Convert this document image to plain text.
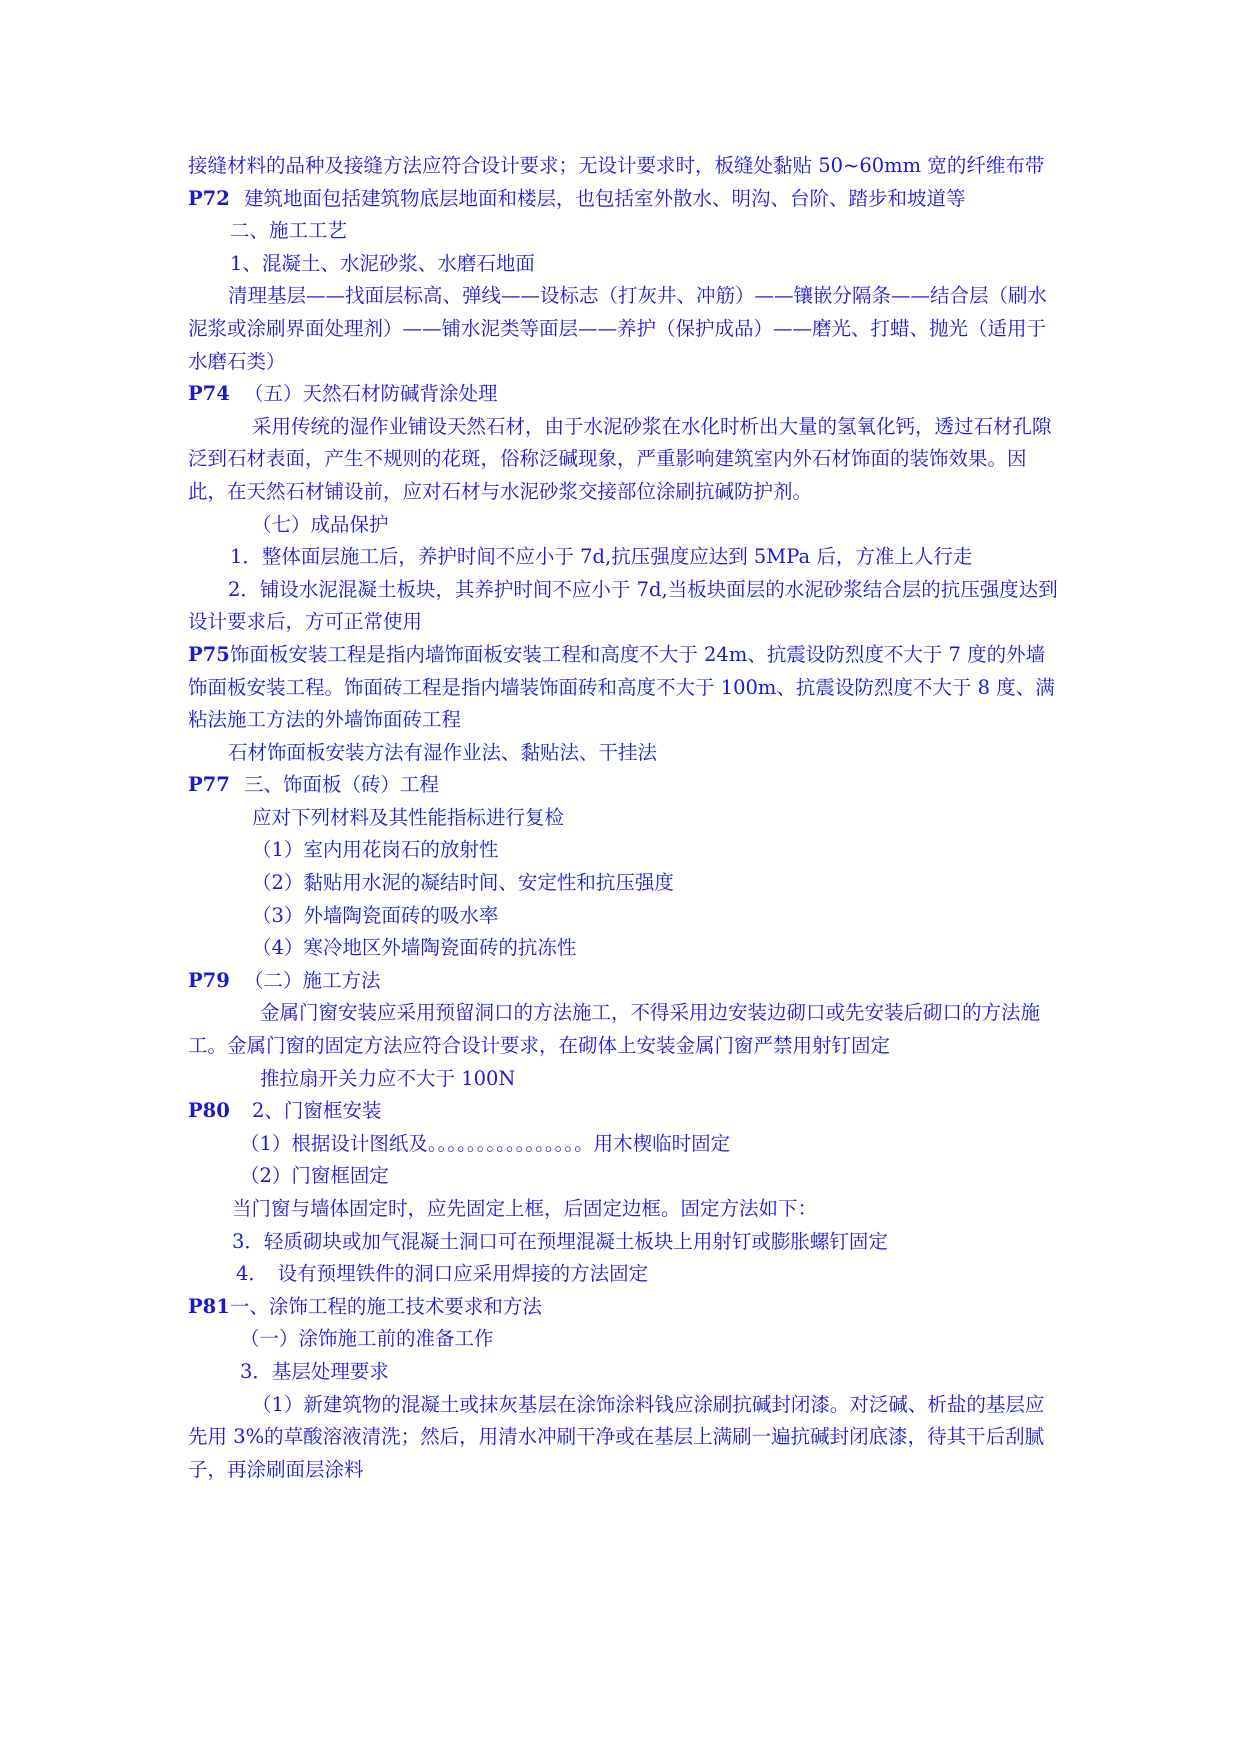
接缝材料的品种及接缝方法应符合设计要求；无设计要求时，板缝处黏贴 50~60mm 宽的纤维布带

P72 建筑地面包括建筑物底层地面和楼层，也包括室外散水、明沟、台阶、踏步和坡道等

二、施工工艺

1、混凝土、水泥砂浆、水磨石地面

清理基层——找面层标高、弹线——设标志（打灰井、冲筋）——镶嵌分隔条——结合层（刷水泥浆或涂刷界面处理剂）——铺水泥类等面层——养护（保护成品）——磨光、打蜡、抛光（适用于水磨石类）

P74 （五）天然石材防碱背涂处理

采用传统的湿作业铺设天然石材，由于水泥砂浆在水化时析出大量的氢氧化钙，透过石材孔隙泛到石材表面，产生不规则的花斑，俗称泛碱现象，严重影响建筑室内外石材饰面的装饰效果。因此，在天然石材铺设前，应对石材与水泥砂浆交接部位涂刷抗碱防护剂。

（七）成品保护

1．整体面层施工后，养护时间不应小于 7d,抗压强度应达到 5MPa 后，方准上人行走

2．铺设水泥混凝土板块，其养护时间不应小于 7d,当板块面层的水泥砂浆结合层的抗压强度达到设计要求后，方可正常使用

P75饰面板安装工程是指内墙饰面板安装工程和高度不大于 24m、抗震设防烈度不大于 7 度的外墙饰面板安装工程。饰面砖工程是指内墙装饰面砖和高度不大于 100m、抗震设防烈度不大于 8 度、满粘法施工方法的外墙饰面砖工程

石材饰面板安装方法有湿作业法、黏贴法、干挂法

P77 三、饰面板（砖）工程

应对下列材料及其性能指标进行复检

（1）室内用花岗石的放射性

（2）黏贴用水泥的凝结时间、安定性和抗压强度

（3）外墙陶瓷面砖的吸水率

（4）寒冷地区外墙陶瓷面砖的抗冻性

P79 （二）施工方法

金属门窗安装应采用预留洞口的方法施工，不得采用边安装边砌口或先安装后砌口的方法施工。金属门窗的固定方法应符合设计要求，在砌体上安装金属门窗严禁用射钉固定

推拉扇开关力应不大于 100N

P80 2、门窗框安装

（1）根据设计图纸及。。。。。。。。。。。。。。。。用木楔临时固定

（2）门窗框固定

当门窗与墙体固定时，应先固定上框，后固定边框。固定方法如下：

3．轻质砌块或加气混凝土洞口可在预埋混凝土板块上用射钉或膨胀螺钉固定

4．　设有预埋铁件的洞口应采用焊接的方法固定

P81一、涂饰工程的施工技术要求和方法

（一）涂饰施工前的准备工作

3．基层处理要求

（1）新建筑物的混凝土或抹灰基层在涂饰涂料钱应涂刷抗碱封闭漆。对泛碱、析盐的基层应先用 3%的草酸溶液清洗；然后，用清水冲刷干净或在基层上满刷一遍抗碱封闭底漆，待其干后刮腻子，再涂刷面层涂料
